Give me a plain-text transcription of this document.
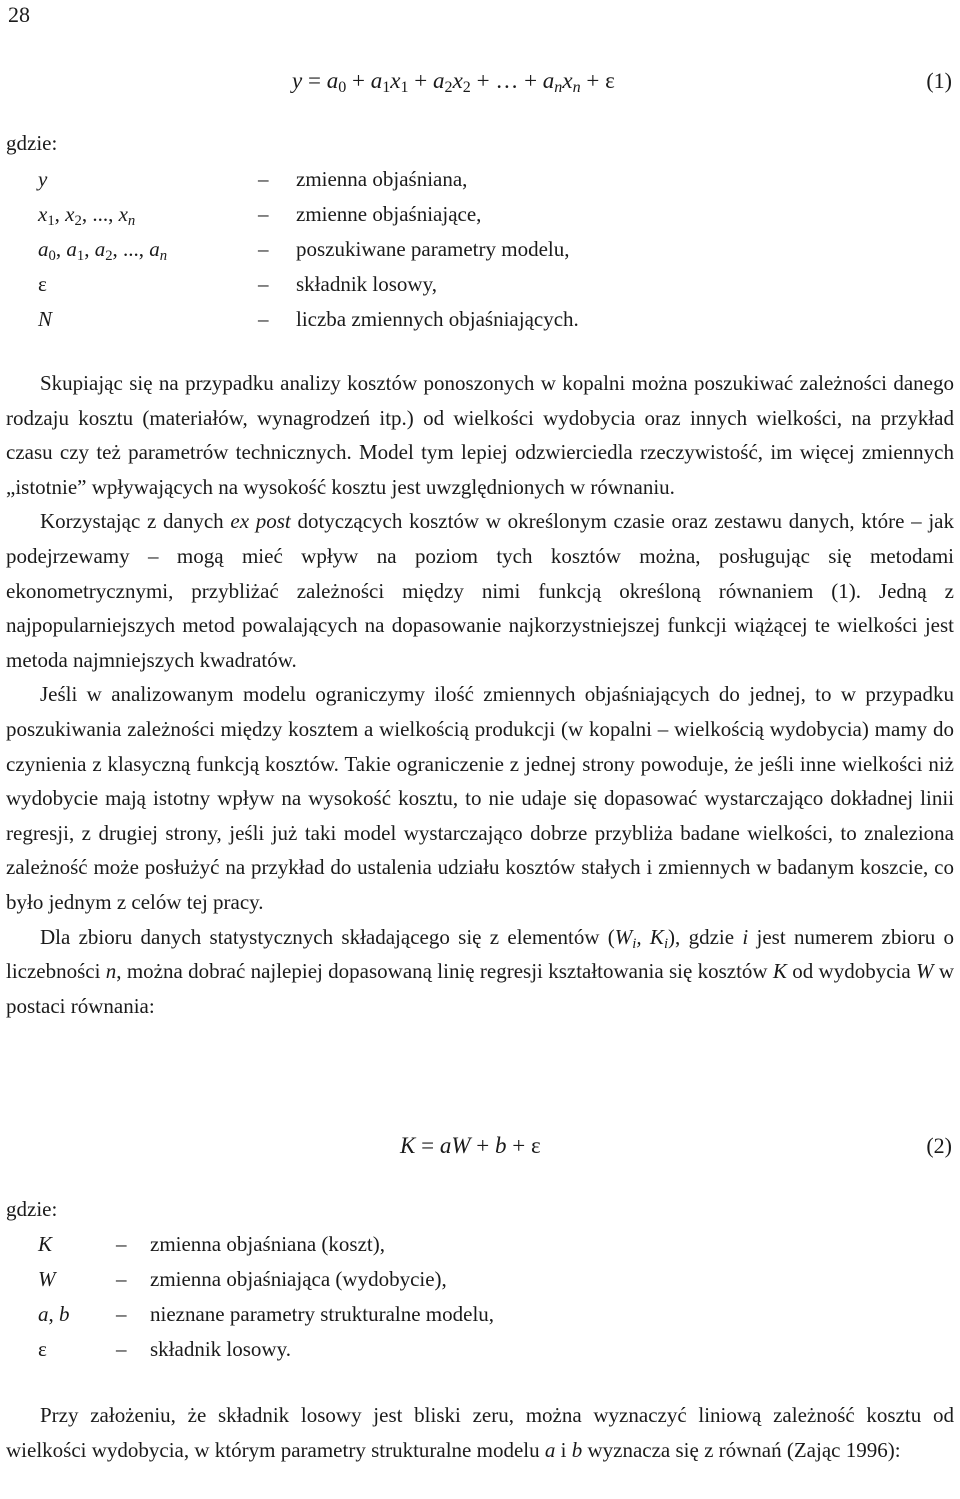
28
$y = a_0 + a_1x_1 + a_2x_2$ + … + $a_nx_n + \varepsilon$	(1)
gdzie:
y
$x_1$, $x_2$, ..., $x_n$
$a_0$, $a_1$, $a_2$, ..., $a_n$
ε
N
–
–
–
–
–
zmienna objaśniana,
zmienne objaśniające,
poszukiwane parametry modelu,
składnik losowy,
liczba zmiennych objaśniających.

Skupiając się na przypadku analizy kosztów ponoszonych w kopalni można poszukiwać zależności danego rodzaju kosztu (materiałów, wynagrodzeń itp.) od wielkości wydobycia oraz innych wielkości, na przykład czasu czy też parametrów technicznych. Model tym lepiej odzwierciedla rzeczywistość, im więcej zmiennych „istotnie” wpływających na wysokość kosztu jest uwzględnionych w równaniu.

Korzystając z danych ex post dotyczących kosztów w określonym czasie oraz zestawu danych, które – jak podejrzewamy – mogą mieć wpływ na poziom tych kosztów można, posługując się metodami ekonometrycznymi, przybliżać zależności między nimi funkcją określoną równaniem (1). Jedną z najpopularniejszych metod powalających na dopasowanie najkorzystniejszej funkcji wiążącej te wielkości jest metoda najmniejszych kwadratów.

Jeśli w analizowanym modelu ograniczymy ilość zmiennych objaśniających do jednej, to w przypadku poszukiwania zależności między kosztem a wielkością produkcji (w kopalni – wielkością wydobycia) mamy do czynienia z klasyczną funkcją kosztów. Takie ograniczenie z jednej strony powoduje, że jeśli inne wielkości niż wydobycie mają istotny wpływ na wysokość kosztu, to nie udaje się dopasować wystarczająco dokładnej linii regresji, z drugiej strony, jeśli już taki model wystarczająco dobrze przybliża badane wielkości, to znaleziona zależność może posłużyć na przykład do ustalenia udziału kosztów stałych i zmiennych w badanym koszcie, co było jednym z celów tej pracy.

Dla zbioru danych statystycznych składającego się z elementów ($W_i$, $K_i$), gdzie i jest numerem zbioru o liczebności n, można dobrać najlepiej dopasowaną linię regresji kształtowania się kosztów K od wydobycia W w postaci równania:

K = aW + b + ε	(2)
gdzie:
K
W
a, b
ε
–
–
–
–
zmienna objaśniana (koszt),
zmienna objaśniająca (wydobycie),
nieznane parametry strukturalne modelu,
składnik losowy.

Przy założeniu, że składnik losowy jest bliski zeru, można wyznaczyć liniową zależność kosztu od wielkości wydobycia, w którym parametry strukturalne modelu a i b wyznacza się z równań (Zając 1996):
